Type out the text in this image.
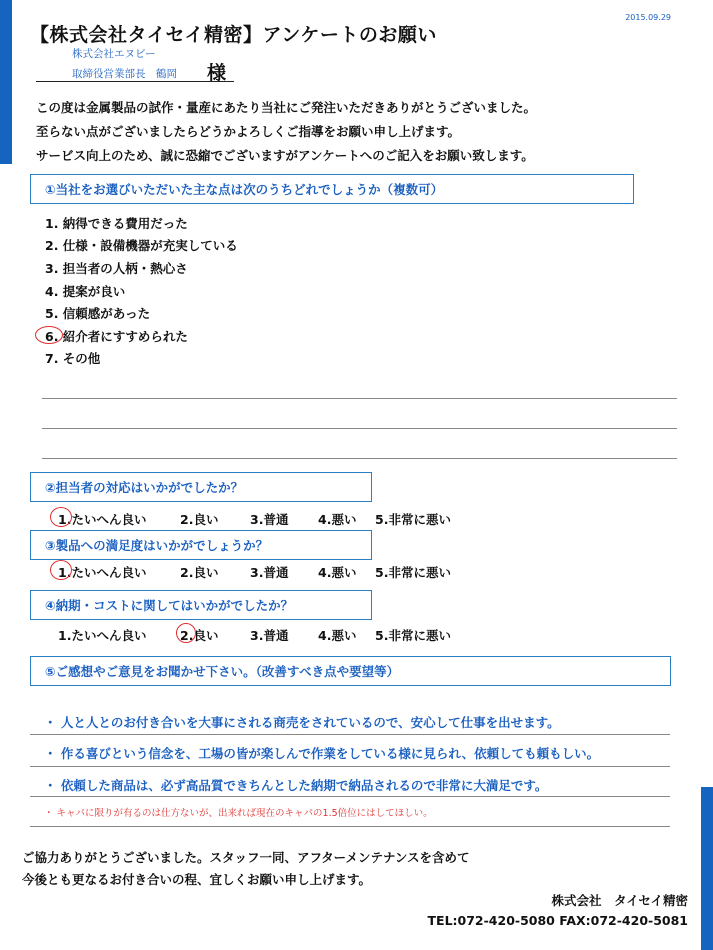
2015.09.29
【株式会社タイセイ精密】アンケートのお願い
株式会社エヌビー
取締役営業部長　鶴岡 様
この度は金属製品の試作・量産にあたり当社にご発注いただきありがとうございました。
至らない点がございましたらどうかよろしくご指導をお願い申し上げます。
サービス向上のため、誠に恐縮でございますがアンケートへのご記入をお願い致します。
①当社をお選びいただいた主な点は次のうちどれでしょうか（複数可）
1. 納得できる費用だった
2. 仕様・設備機器が充実している
3. 担当者の人柄・熱心さ
4. 提案が良い
5. 信頼感があった
6. 紹介者にすすめられた
7. その他
②担当者の対応はいかがでしたか？
1.たいへん良い	2.良い	3.普通 4.悪い 5.非常に悪い
③製品への満足度はいかがでしょうか？
1.たいへん良い	2.良い	3.普通 4.悪い 5.非常に悪い
④納期・コストに関してはいかがでしたか？
1.たいへん良い	2.良い	3.普通 4.悪い 5.非常に悪い
⑤ご感想やご意見をお聞かせ下さい。（改善すべき点や要望等）
・ 人と人とのお付き合いを大事にされる商売をされているので、安心して仕事を出せます。
・ 作る喜びという信念を、工場の皆が楽しんで作業をしている様に見られ、依頼しても頼もしい。
・ 依頼した商品は、必ず高品質できちんとした納期で納品されるので非常に大満足です。
・ キャパに限りが有るのは仕方ないが、出来れば現在のキャパの1.5倍位にはしてほしい。
ご協力ありがとうございました。スタッフ一同、アフターメンテナンスを含めて
今後とも更なるお付き合いの程、宜しくお願い申し上げます。
株式会社　タイセイ精密
TEL:072-420-5080 FAX:072-420-5081
